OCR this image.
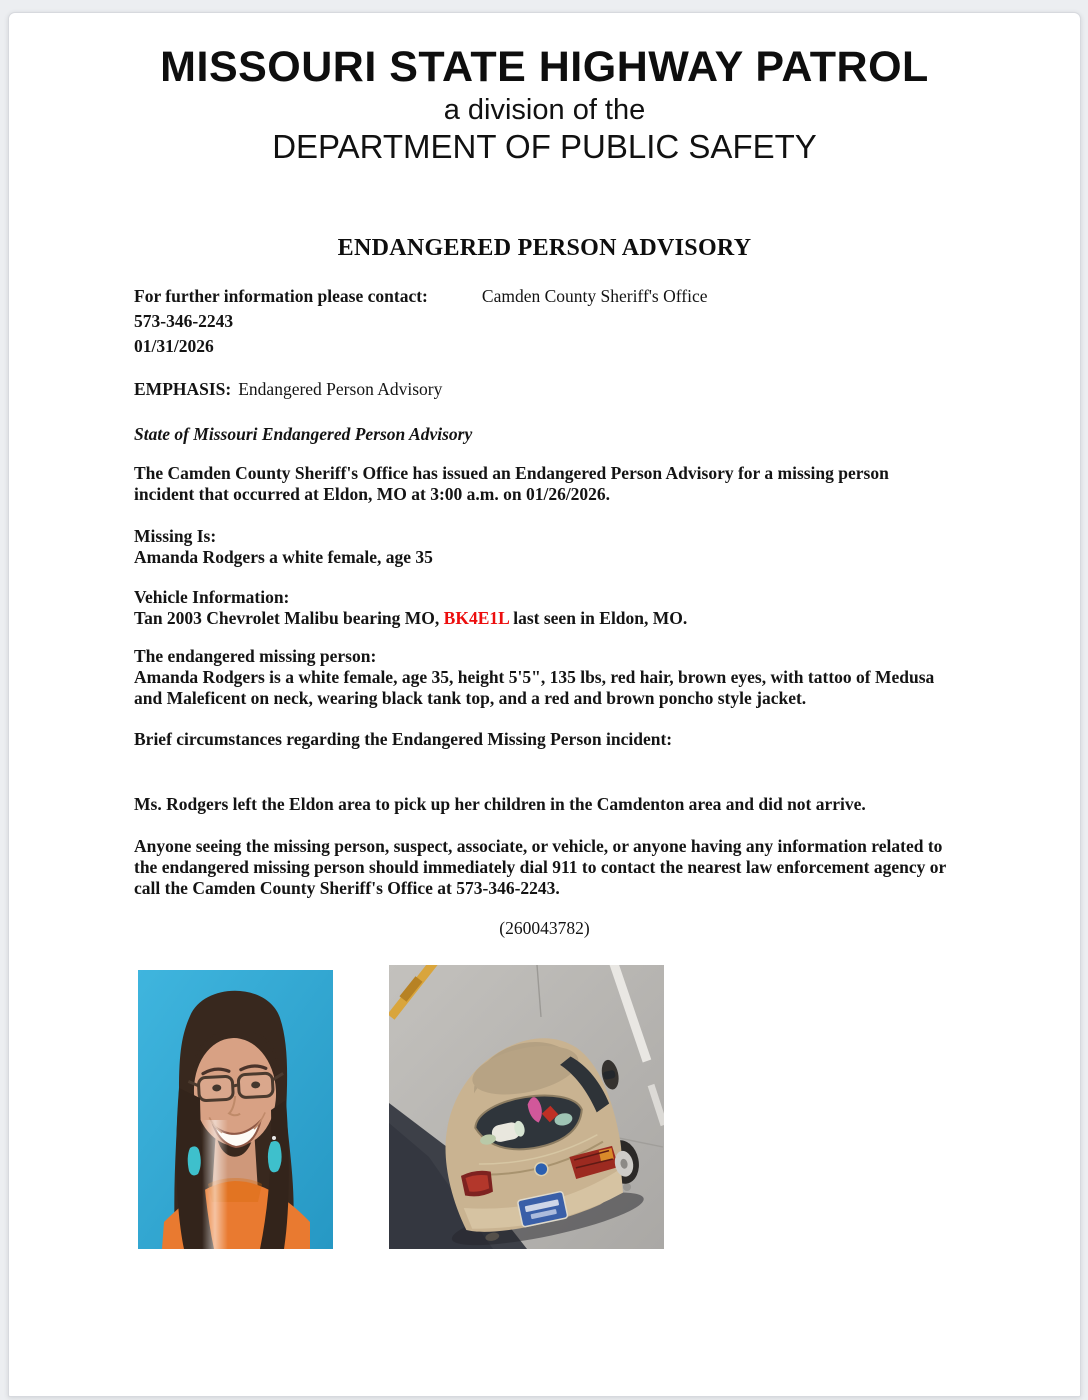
MISSOURI STATE HIGHWAY PATROL
a division of the
DEPARTMENT OF PUBLIC SAFETY
ENDANGERED PERSON ADVISORY
For further information please contact:	Camden County Sheriff's Office
573-346-2243
01/31/2026
EMPHASIS: Endangered Person Advisory
State of Missouri Endangered Person Advisory
The Camden County Sheriff's Office has issued an Endangered Person Advisory for a missing person
incident that occurred at Eldon, MO at 3:00 a.m. on 01/26/2026.
Missing Is:
Amanda Rodgers a white female, age 35
Vehicle Information:
Tan 2003 Chevrolet Malibu bearing MO, BK4E1L last seen in Eldon, MO.
The endangered missing person:
Amanda Rodgers is a white female, age 35, height 5'5", 135 lbs, red hair, brown eyes, with tattoo of Medusa
and Maleficent on neck, wearing black tank top, and a red and brown poncho style jacket.
Brief circumstances regarding the Endangered Missing Person incident:
Ms. Rodgers left the Eldon area to pick up her children in the Camdenton area and did not arrive.
Anyone seeing the missing person, suspect, associate, or vehicle, or anyone having any information related to
the endangered missing person should immediately dial 911 to contact the nearest law enforcement agency or
call the Camden County Sheriff's Office at 573-346-2243.
(260043782)
